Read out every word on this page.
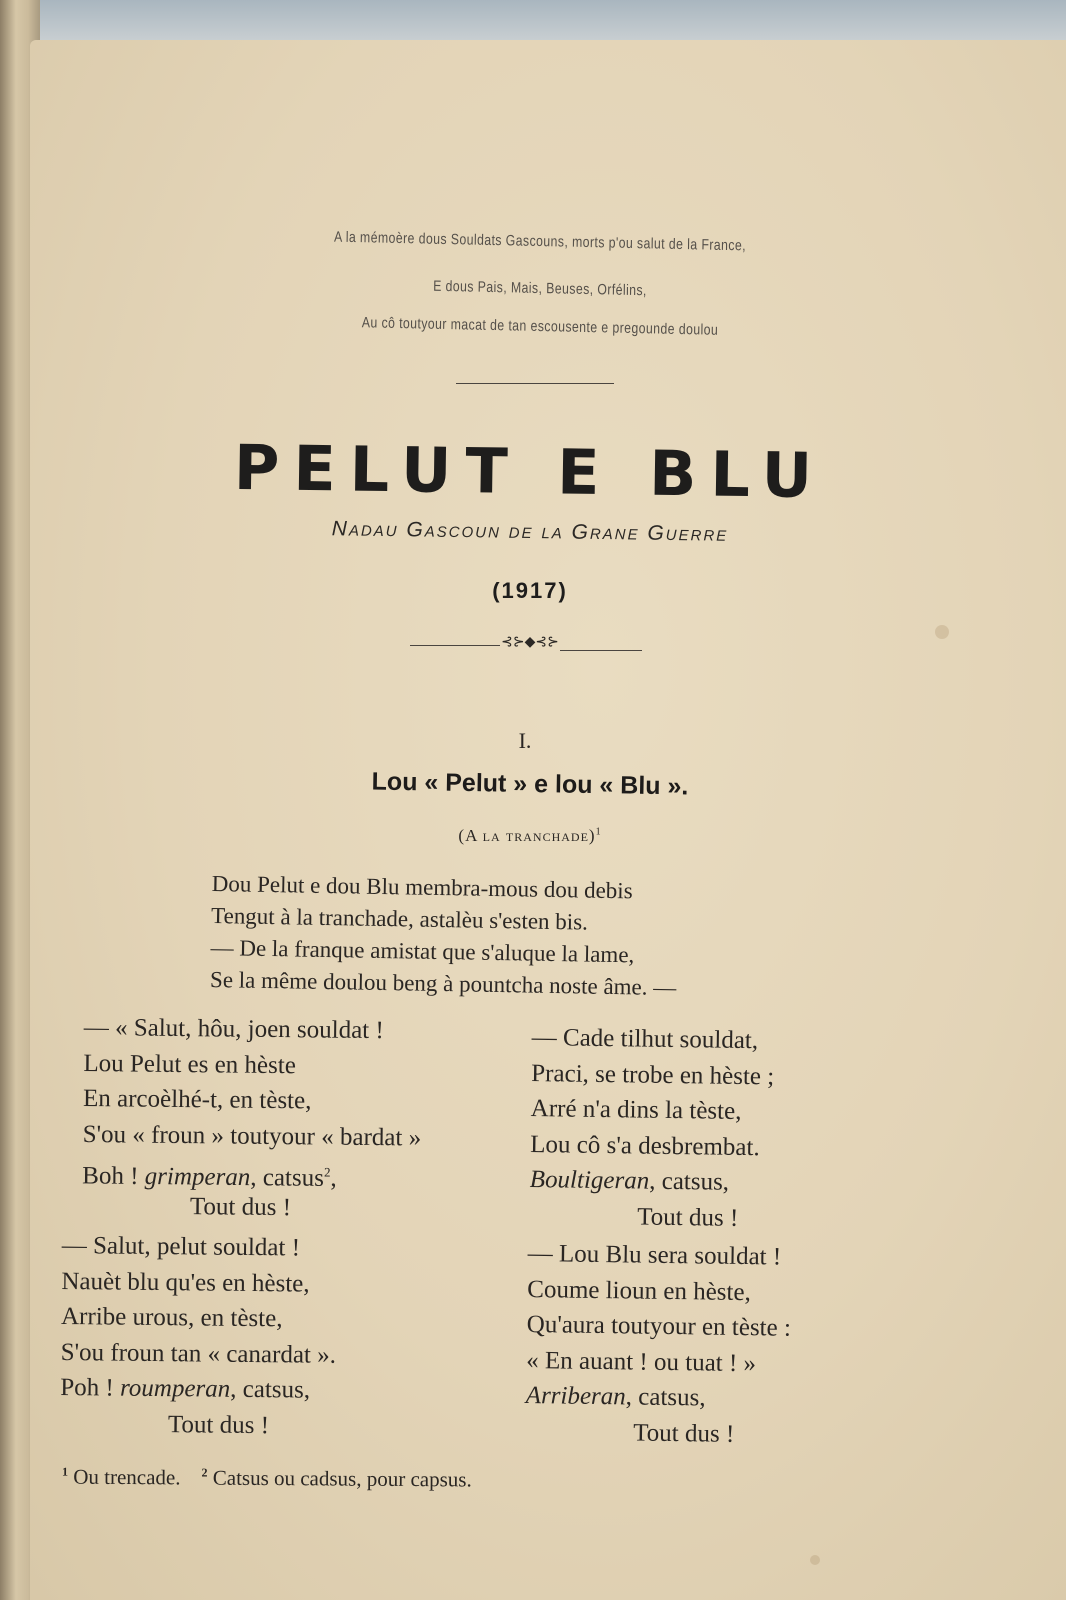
A la mémoère dous Souldats Gascouns, morts p'ou salut de la France,
E dous Pais, Mais, Beuses, Orfélins,
Au cô toutyour macat de tan escousente e pregounde doulou
PELUT E BLU
Nadau Gascoun de la Grane Guerre
(1917)
⊰⊱◆⊰⊱
I.
Lou « Pelut » e lou « Blu ».
(A la tranchade)$^1$
Dou Pelut e dou Blu membra-mous dou debis
Tengut à la tranchade, astalèu s'esten bis.
— De la franque amistat que s'aluque la lame,
Se la même doulou beng à pountcha noste âme. —
— « Salut, hôu, joen souldat !
Lou Pelut es en hèste
En arcoèlhé-t, en tèste,
S'ou « froun » toutyour « bardat »
Boh ! grimperan, catsus$^2$,
Tout dus !
— Cade tilhut souldat,
Praci, se trobe en hèste ;
Arré n'a dins la tèste,
Lou cô s'a desbrembat.
Boultigeran, catsus,
Tout dus !
— Salut, pelut souldat !
Nauèt blu qu'es en hèste,
Arribe urous, en tèste,
S'ou froun tan « canardat ».
Poh ! roumperan, catsus,
Tout dus !
— Lou Blu sera souldat !
Coume lioun en hèste,
Qu'aura toutyour en tèste :
« En auant ! ou tuat ! »
Arriberan, catsus,
Tout dus !
$^1$ Ou trencade. $^2$ Catsus ou cadsus, pour capsus.
